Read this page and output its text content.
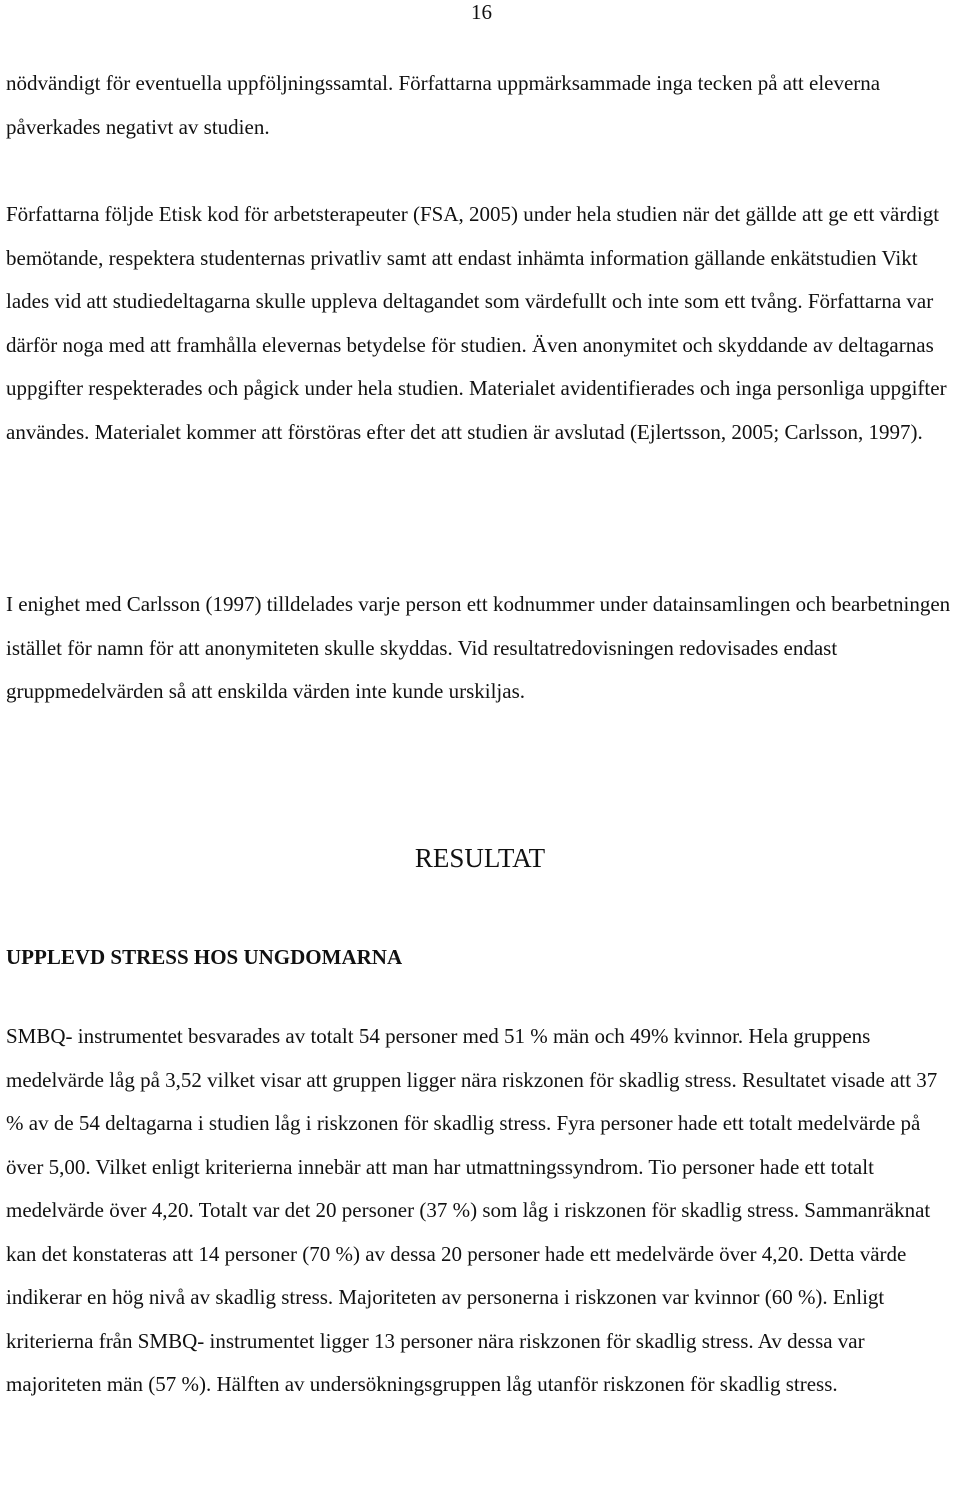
16

nödvändigt för eventuella uppföljningssamtal. Författarna uppmärksammade inga tecken på att eleverna påverkades negativt av studien.

Författarna följde Etisk kod för arbetsterapeuter (FSA, 2005) under hela studien när det gällde att ge ett värdigt bemötande, respektera studenternas privatliv samt att endast inhämta information gällande enkätstudien Vikt lades vid att studiedeltagarna skulle uppleva deltagandet som värdefullt och inte som ett tvång. Författarna var därför noga med att framhålla elevernas betydelse för studien. Även anonymitet och skyddande av deltagarnas uppgifter respekterades och pågick under hela studien. Materialet avidentifierades och inga personliga uppgifter användes. Materialet kommer att förstöras efter det att studien är avslutad (Ejlertsson, 2005; Carlsson, 1997).

I enighet med Carlsson (1997) tilldelades varje person ett kodnummer under datainsamlingen och bearbetningen istället för namn för att anonymiteten skulle skyddas. Vid resultatredovisningen redovisades endast gruppmedelvärden så att enskilda värden inte kunde urskiljas.

RESULTAT
UPPLEVD STRESS HOS UNGDOMARNA

SMBQ- instrumentet besvarades av totalt 54 personer med 51 % män och 49% kvinnor. Hela gruppens medelvärde låg på 3,52 vilket visar att gruppen ligger nära riskzonen för skadlig stress. Resultatet visade att 37 % av de 54 deltagarna i studien låg i riskzonen för skadlig stress. Fyra personer hade ett totalt medelvärde på över 5,00. Vilket enligt kriterierna innebär att man har utmattningssyndrom. Tio personer hade ett totalt medelvärde över 4,20. Totalt var det 20 personer (37 %) som låg i riskzonen för skadlig stress. Sammanräknat kan det konstateras att 14 personer (70 %) av dessa 20 personer hade ett medelvärde över 4,20. Detta värde indikerar en hög nivå av skadlig stress. Majoriteten av personerna i riskzonen var kvinnor (60 %). Enligt kriterierna från SMBQ- instrumentet ligger 13 personer nära riskzonen för skadlig stress. Av dessa var majoriteten män (57 %). Hälften av undersökningsgruppen låg utanför riskzonen för skadlig stress.
